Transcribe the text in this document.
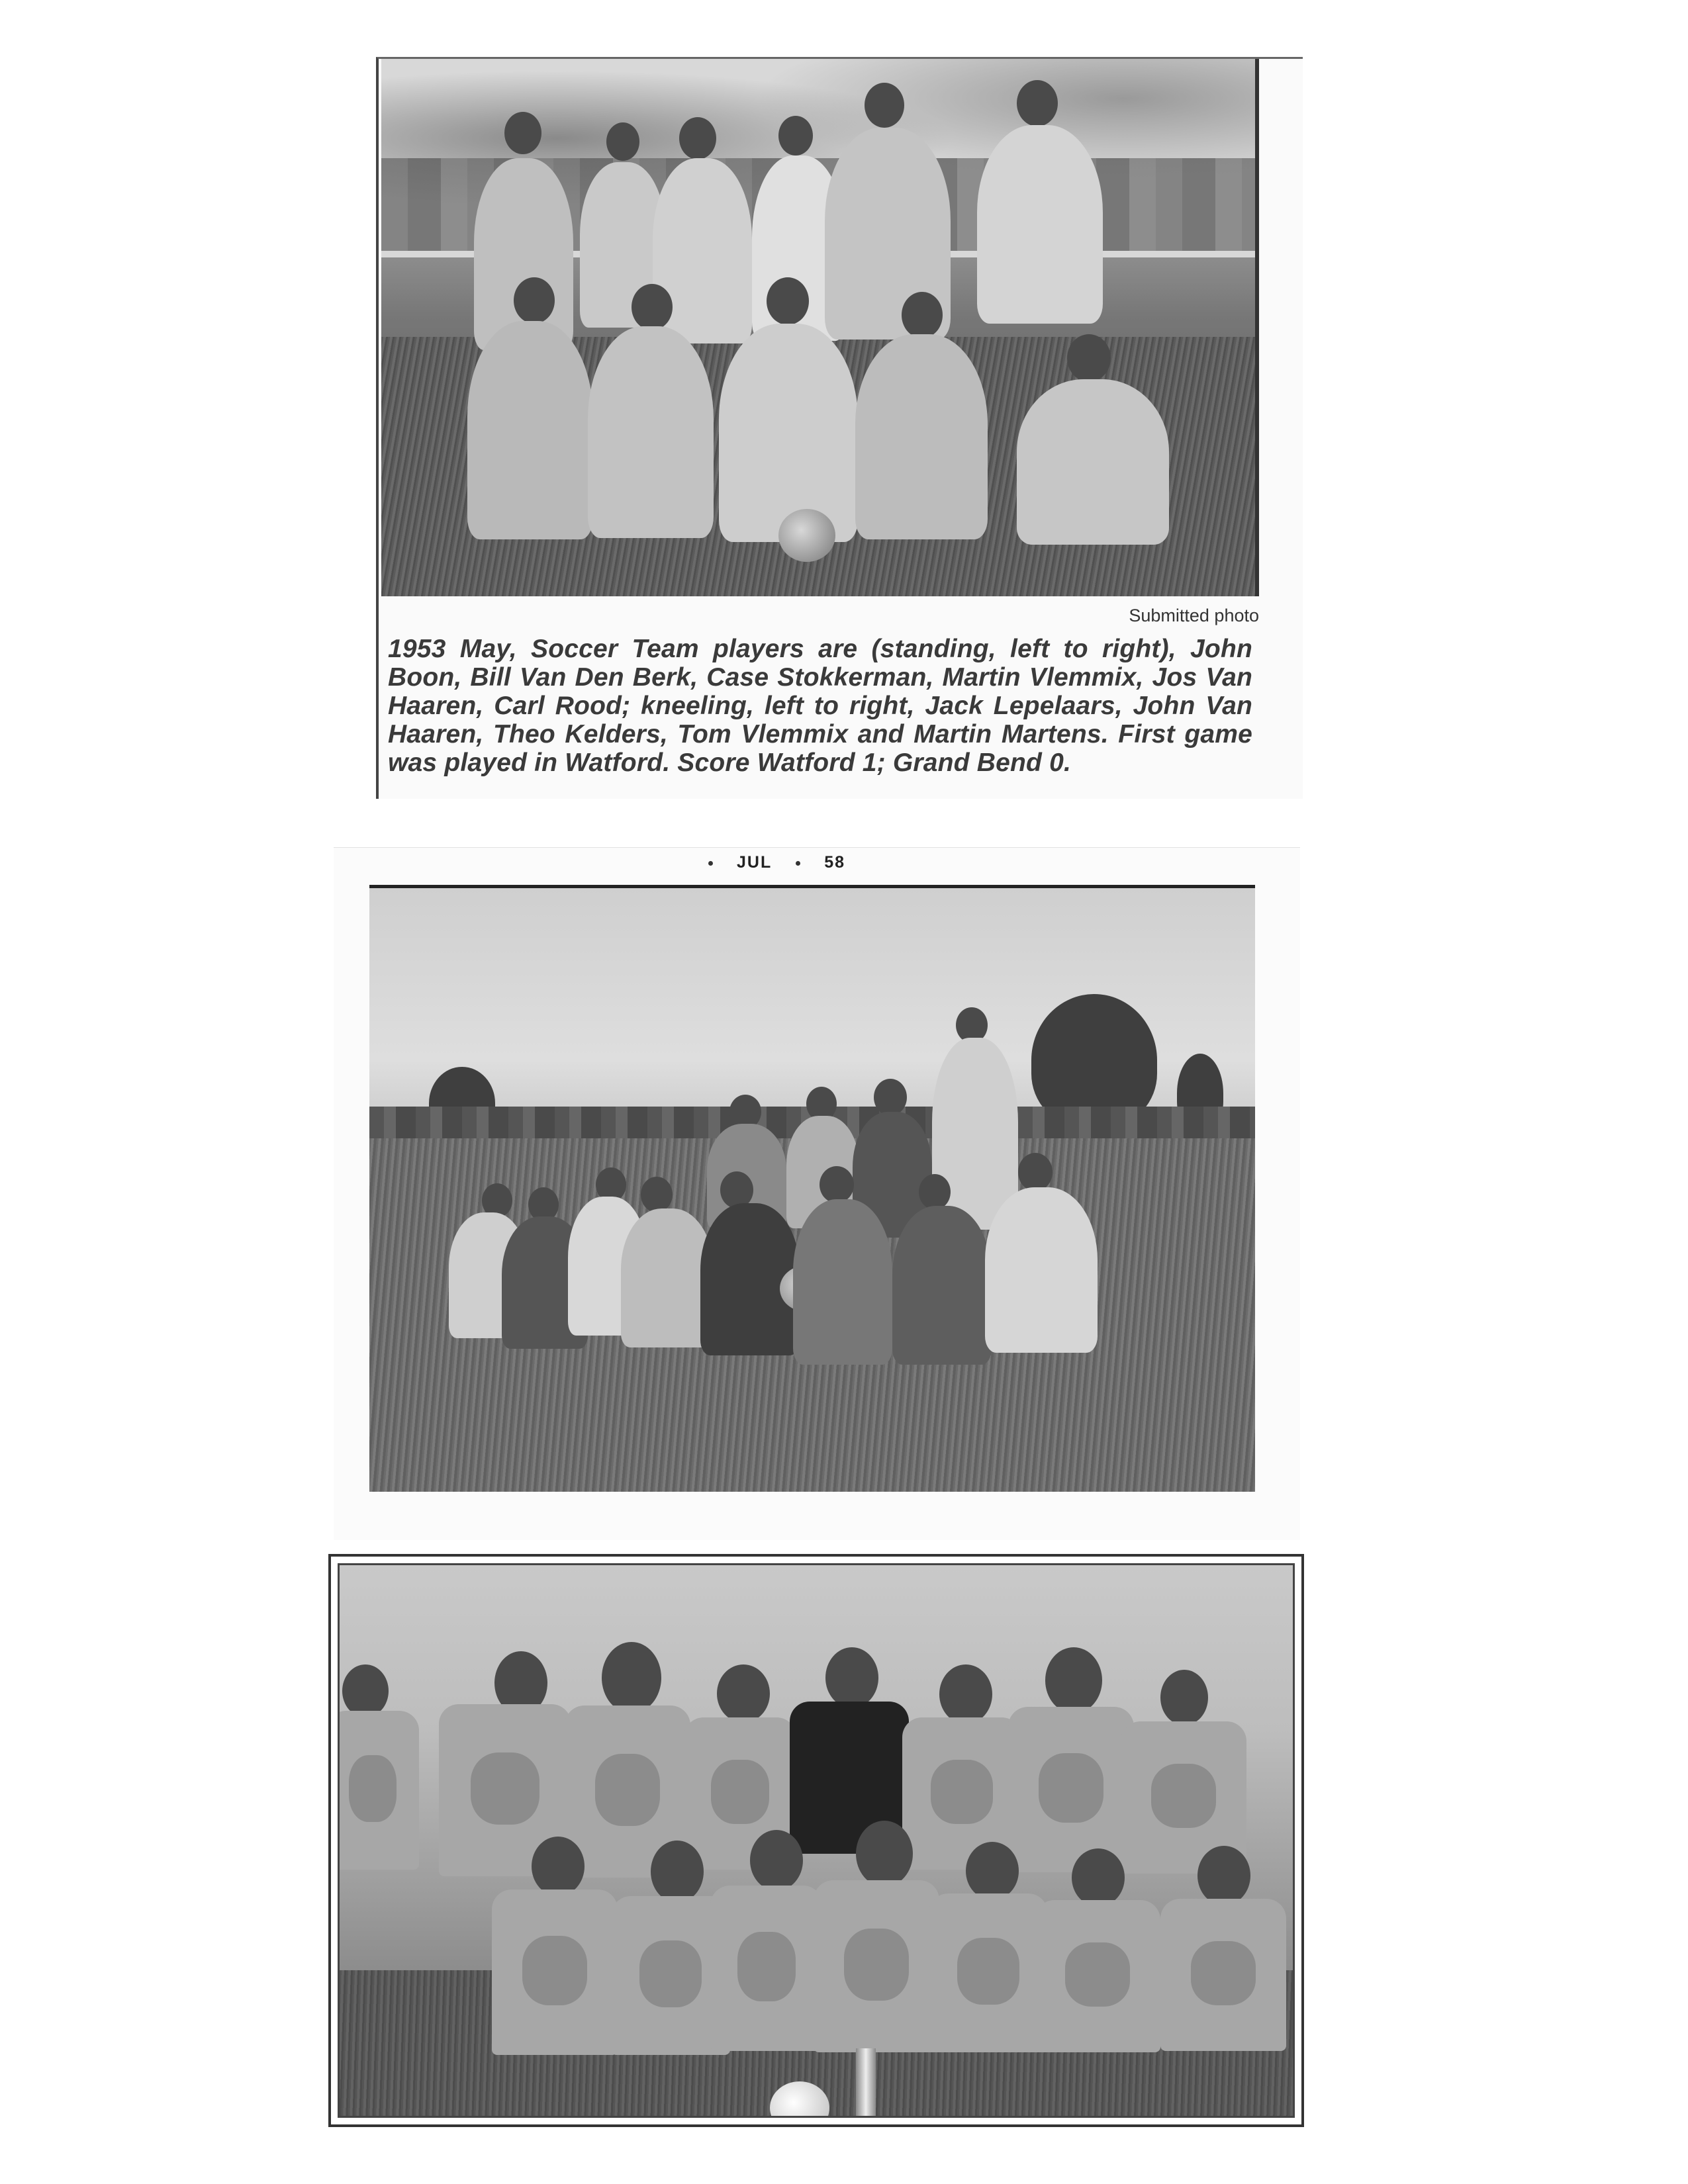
Submitted photo
1953 May, Soccer Team players are (standing, left to right), John Boon, Bill Van Den Berk, Case Stokkerman, Martin Vlemmix, Jos Van Haaren, Carl Rood; kneeling, left to right, Jack Lepelaars, John Van Haaren, Theo Kelders, Tom Vlemmix and Martin Martens. First game was played in Watford. Score Watford 1; Grand Bend 0.
JUL	58
